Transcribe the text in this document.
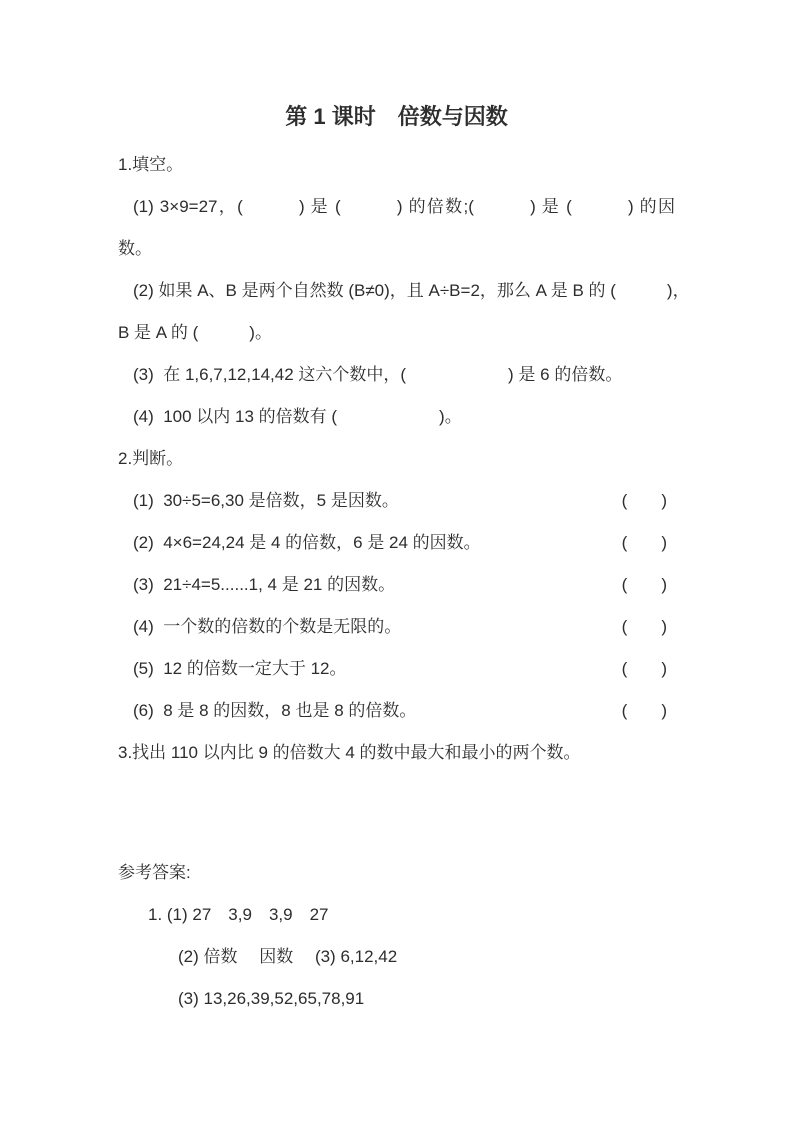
第 1 课时　倍数与因数
1.填空。
(1) 3×9=27，(　　　) 是 (　　　) 的倍数;(　　　) 是 (　　　) 的因
数。
(2) 如果 A、B 是两个自然数 (B≠0)，且 A÷B=2，那么 A 是 B 的 (　　　)，
B 是 A 的 (　　　)。
(3)  在 1,6,7,12,14,42 这六个数中，(　　　　　　) 是 6 的倍数。
(4)  100 以内 13 的倍数有 (　　　　　　)。
2.判断。
(1)  30÷5=6,30 是倍数，5 是因数。	(　　)
(2)  4×6=24,24 是 4 的倍数，6 是 24 的因数。	(　　)
(3)  21÷4=5......1, 4 是 21 的因数。	(　　)
(4)  一个数的倍数的个数是无限的。	(　　)
(5)  12 的倍数一定大于 12。	(　　)
(6)  8 是 8 的因数，8 也是 8 的倍数。	(　　)
3.找出 110 以内比 9 的倍数大 4 的数中最大和最小的两个数。
参考答案:
1. (1) 27　3,9　3,9　27
(2) 倍数　 因数　 (3) 6,12,42
(3) 13,26,39,52,65,78,91
